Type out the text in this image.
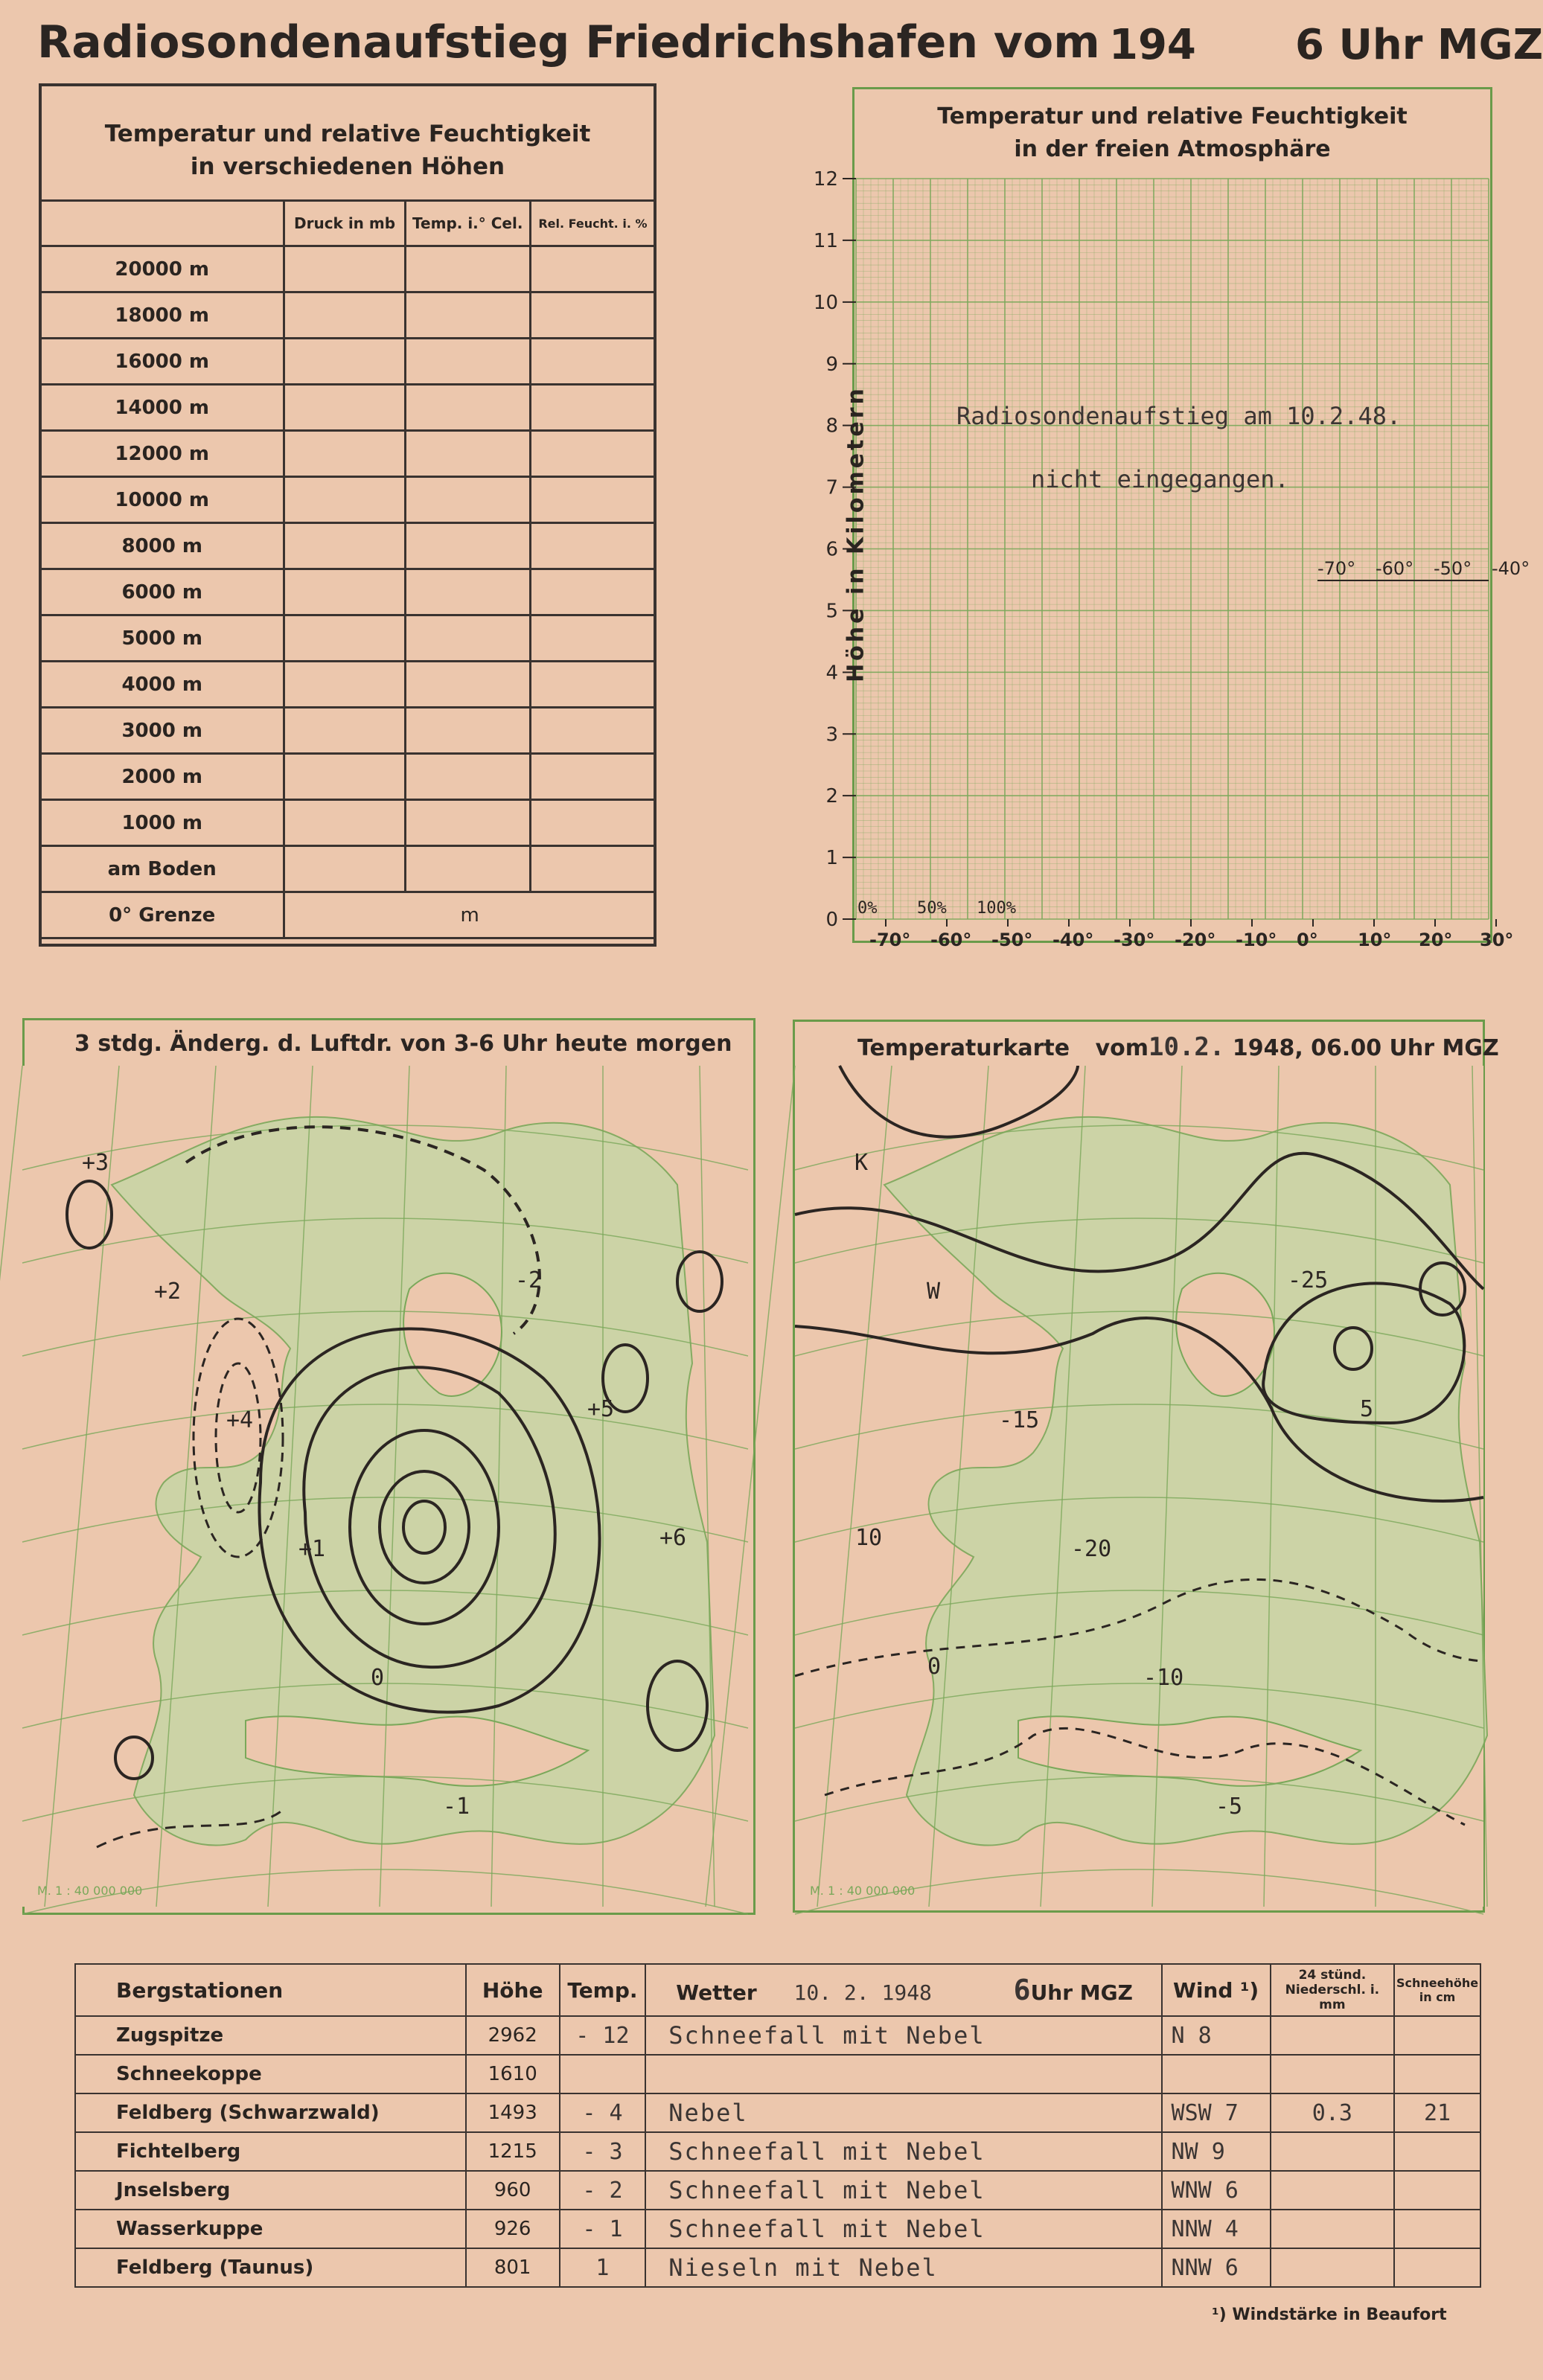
Radiosondenaufstieg Friedrichshafen vom 194 6 Uhr MGZ
Temperatur und relative Feuchtigkeit
in verschiedenen Höhen
	Druck in mb	Temp. i.° Cel.	Rel. Feucht. i. %
20000 m			
18000 m			
16000 m			
14000 m			
12000 m			
10000 m			
8000 m			
6000 m			
5000 m			
4000 m			
3000 m			
2000 m			
1000 m			
am Boden			
0° Grenze	m		
Temperatur und relative Feuchtigkeit
in der freien Atmosphäre
0
1
2
3
4
5
6
7
8
9
10
11
12
-70° -60° -50° -40° -30° -20° -10° 0° 10° 20° 30°
0% 50% 100%
-70° -60° -50° -40°
Höhe in Kilometern	Radiosondenaufstieg am 10.2.48.
nicht eingegangen.
3 stdg. Änderg. d. Luftdr. von 3-6 Uhr heute morgen
+3
+2
+4
+1
0
-1
-2
+5
+6
M. 1 : 40 000 000
Temperaturkarte vom10.2. 1948, 06.00 Uhr MGZ
K
W
-15
-20
-10
-5
-25
5
10
0
M. 1 : 40 000 000
Bergstationen	Höhe	Temp.	Wetter 10. 2. 1948 6Uhr MGZ	Wind ¹)	24 stünd. Niederschl. i. mm	Schneehöhe in cm
Zugspitze	2962	- 12	Schneefall mit Nebel	N 8		
Schneekoppe	1610					
Feldberg (Schwarzwald)	1493	- 4	Nebel	WSW 7	0.3	21
Fichtelberg	1215	- 3	Schneefall mit Nebel	NW 9		
Jnselsberg	960	- 2	Schneefall mit Nebel	WNW 6		
Wasserkuppe	926	- 1	Schneefall mit Nebel	NNW 4		
Feldberg (Taunus)	801	1	Nieseln mit Nebel	NNW 6		
¹) Windstärke in Beaufort
